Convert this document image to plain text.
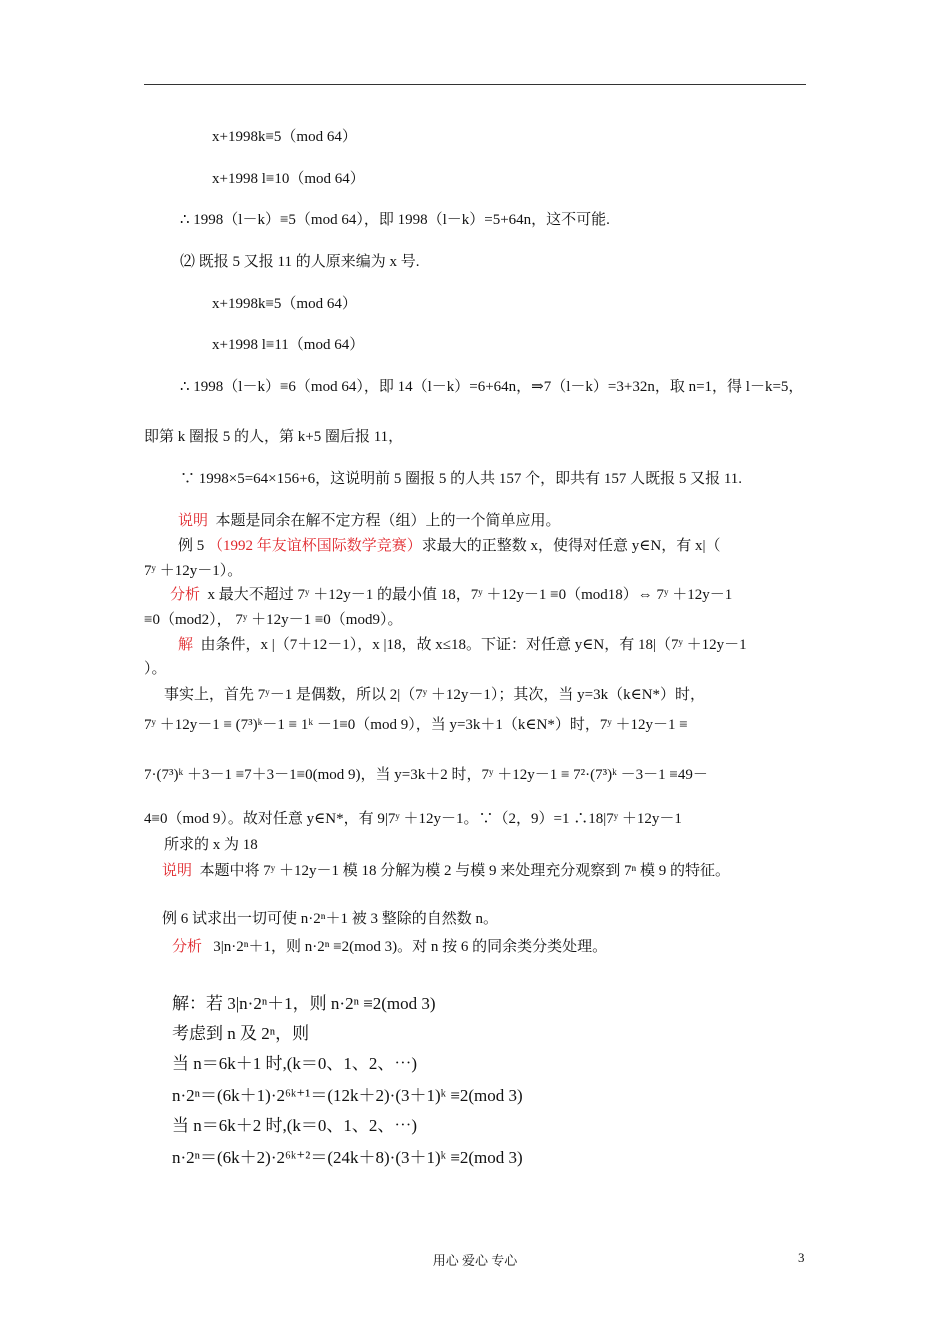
x+1998k≡5（mod 64）
x+1998 l≡10（mod 64）
∴ 1998（l－k）≡5（mod 64），即 1998（l－k）=5+64n，这不可能.
⑵ 既报 5 又报 11 的人原来编为 x 号.
x+1998k≡5（mod 64）
x+1998 l≡11（mod 64）
∴ 1998（l－k）≡6（mod 64），即 14（l－k）=6+64n，⇒7（l－k）=3+32n，取 n=1，得 l－k=5，
即第 k 圈报 5 的人，第 k+5 圈后报 11，
∵ 1998×5=64×156+6，这说明前 5 圈报 5 的人共 157 个，即共有 157 人既报 5 又报 11.
说明 本题是同余在解不定方程（组）上的一个简单应用。
例 5 （1992 年友谊杯国际数学竞赛）求最大的正整数 x，使得对任意 y∈N，有 x|（
7ʸ ＋12y－1）。
分析 x 最大不超过 7ʸ ＋12y－1 的最小值 18，7ʸ ＋12y－1 ≡0（mod18）⇔ 7ʸ ＋12y－1
≡0（mod2）， 7ʸ ＋12y－1 ≡0（mod9）。
解 由条件，x |（7＋12－1），x |18，故 x≤18。下证：对任意 y∈N，有 18|（7ʸ ＋12y－1
）。
事实上，首先 7ʸ－1 是偶数，所以 2|（7ʸ ＋12y－1）；其次，当 y=3k（k∈N*）时，
7ʸ ＋12y－1 ≡ (7³)ᵏ－1 ≡ 1ᵏ －1≡0（mod 9），当 y=3k＋1（k∈N*）时，7ʸ ＋12y－1 ≡
7·(7³)ᵏ ＋3－1 ≡7＋3－1≡0(mod 9)，当 y=3k＋2 时，7ʸ ＋12y－1 ≡ 7²·(7³)ᵏ －3－1 ≡49－
4≡0（mod 9）。故对任意 y∈N*，有 9|7ʸ ＋12y－1。∵（2，9）=1 ∴18|7ʸ ＋12y－1
所求的 x 为 18
说明 本题中将 7ʸ ＋12y－1 模 18 分解为模 2 与模 9 来处理充分观察到 7ⁿ 模 9 的特征。
例 6 试求出一切可使 n·2ⁿ＋1 被 3 整除的自然数 n。
分析 3|n·2ⁿ＋1，则 n·2ⁿ ≡2(mod 3)。对 n 按 6 的同余类分类处理。
解：若 3|n·2ⁿ＋1，则 n·2ⁿ ≡2(mod 3)
考虑到 n 及 2ⁿ，则
当 n＝6k＋1 时,(k＝0、1、2、⋯)
n·2ⁿ＝(6k＋1)·2⁶ᵏ⁺¹＝(12k＋2)·(3＋1)ᵏ ≡2(mod 3)
当 n＝6k＋2 时,(k＝0、1、2、⋯)
n·2ⁿ＝(6k＋2)·2⁶ᵏ⁺²＝(24k＋8)·(3＋1)ᵏ ≡2(mod 3)
用心 爱心 专心	3
